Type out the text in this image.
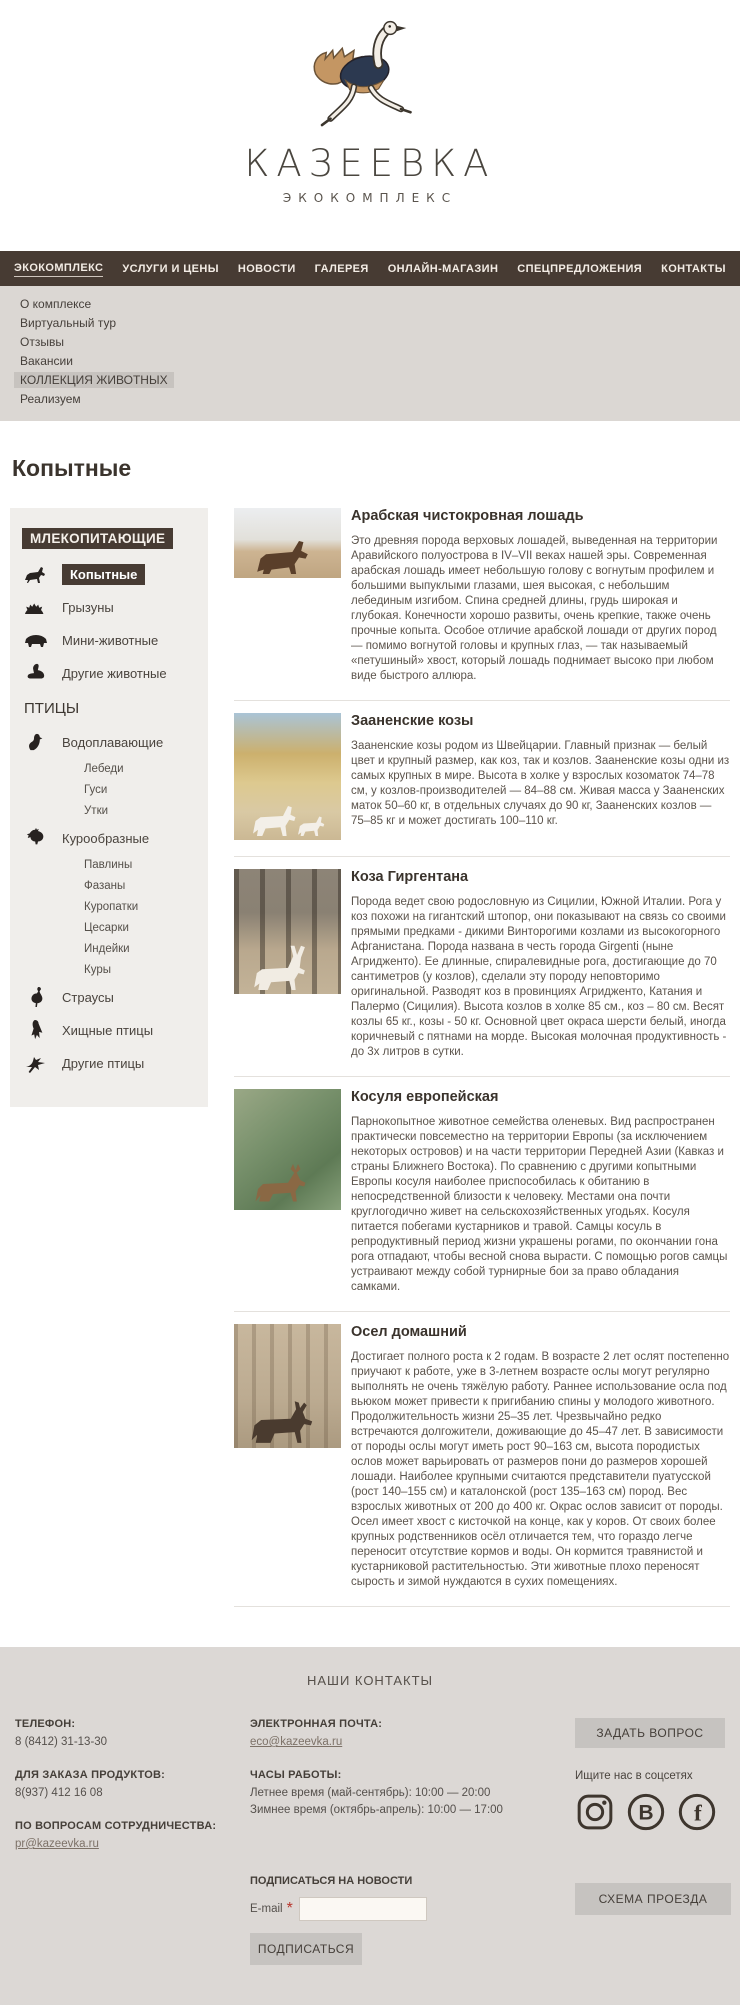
КАЗЕЕВКА
ЭКОКОМПЛЕКС
ЭКОКОМПЛЕКС УСЛУГИ И ЦЕНЫ НОВОСТИ ГАЛЕРЕЯ ОНЛАЙН-МАГАЗИН СПЕЦПРЕДЛОЖЕНИЯ КОНТАКТЫ
О комплексе
Виртуальный тур
Отзывы
Вакансии
КОЛЛЕКЦИЯ ЖИВОТНЫХ
Реализуем
Копытные
МЛЕКОПИТАЮЩИЕ
Копытные
Грызуны
Мини-животные
Другие животные
ПТИЦЫ
Водоплавающие
Лебеди
Гуси
Утки
Курообразные
Павлины
Фазаны
Куропатки
Цесарки
Индейки
Куры
Страусы
Хищные птицы
Другие птицы
Арабская чистокровная лошадь

Это древняя порода верховых лошадей, выведенная на территории Аравийского полуострова в IV–VII веках нашей эры. Современная арабская лошадь имеет небольшую голову с вогнутым профилем и большими выпуклыми глазами, шея высокая, с небольшим лебединым изгибом. Спина средней длины, грудь широкая и глубокая. Конечности хорошо развиты, очень крепкие, также очень прочные копыта. Особое отличие арабской лошади от других пород — помимо вогнутой головы и крупных глаз, — так называемый «петушиный» хвост, который лошадь поднимает высоко при любом виде быстрого аллюра.

Зааненские козы

Зааненские козы родом из Швейцарии. Главный признак — белый цвет и крупный размер, как коз, так и козлов. Зааненские козы одни из самых крупных в мире. Высота в холке у взрослых козоматок 74–78 см, у козлов-производителей — 84–88 см. Живая масса у Зааненских маток 50–60 кг, в отдельных случаях до 90 кг, Зааненских козлов — 75–85 кг и может достигать 100–110 кг.

Коза Гиргентана

Порода ведет свою родословную из Сицилии, Южной Италии. Рога у коз похожи на гигантский штопор, они показывают на связь со своими прямыми предками - дикими Винторогими козлами из высокогорного Афганистана. Порода названа в честь города Girgenti (ныне Агридженто). Ее длинные, спиралевидные рога, достигающие до 70 сантиметров (у козлов), сделали эту породу неповторимо оригинальной. Разводят коз в провинциях Агридженто, Катания и Палермо (Сицилия). Высота козлов в холке 85 см., коз – 80 см. Весят козлы 65 кг., козы - 50 кг. Основной цвет окраса шерсти белый, иногда коричневый с пятнами на морде. Высокая молочная продуктивность - до 3х литров в сутки.

Косуля европейская

Парнокопытное животное семейства оленевых. Вид распространен практически повсеместно на территории Европы (за исключением некоторых островов) и на части территории Передней Азии (Кавказ и страны Ближнего Востока). По сравнению с другими копытными Европы косуля наиболее приспособилась к обитанию в непосредственной близости к человеку. Местами она почти круглогодично живет на сельскохозяйственных угодьях. Косуля питается побегами кустарников и травой. Самцы косуль в репродуктивный период жизни украшены рогами, по окончании гона рога отпадают, чтобы весной снова вырасти. С помощью рогов самцы устраивают между собой турнирные бои за право обладания самками.

Осел домашний

Достигает полного роста к 2 годам. В возрасте 2 лет ослят постепенно приучают к работе, уже в 3-летнем возрасте ослы могут регулярно выполнять не очень тяжёлую работу. Раннее использование осла под вьюком может привести к пригибанию спины у молодого животного. Продолжительность жизни 25–35 лет. Чрезвычайно редко встречаются долгожители, доживающие до 45–47 лет. В зависимости от породы ослы могут иметь рост 90–163 см, высота породистых ослов может варьировать от размеров пони до размеров хорошей лошади. Наиболее крупными считаются представители пуатусской (рост 140–155 см) и каталонской (рост 135–163 см) пород. Вес взрослых животных от 200 до 400 кг. Окрас ослов зависит от породы. Осел имеет хвост с кисточкой на конце, как у коров. От своих более крупных родственников осёл отличается тем, что гораздо легче переносит отсутствие кормов и воды. Он кормится травянистой и кустарниковой растительностью. Эти животные плохо переносят сырость и зимой нуждаются в сухих помещениях.

НАШИ КОНТАКТЫ
ТЕЛЕФОН:
8 (8412) 31-13-30
ДЛЯ ЗАКАЗА ПРОДУКТОВ:
8(937) 412 16 08
ПО ВОПРОСАМ СОТРУДНИЧЕСТВА:
pr@kazeevka.ru
ЭЛЕКТРОННАЯ ПОЧТА:
eco@kazeevka.ru
ЧАСЫ РАБОТЫ:
Летнее время (май-сентябрь): 10:00 — 20:00
Зимнее время (октябрь-апрель): 10:00 — 17:00
ЗАДАТЬ ВОПРОС
Ищите нас в соцсетях
В	f
ПОДПИСАТЬСЯ НА НОВОСТИ
E-mail *
ПОДПИСАТЬСЯ
СХЕМА ПРОЕЗДА
